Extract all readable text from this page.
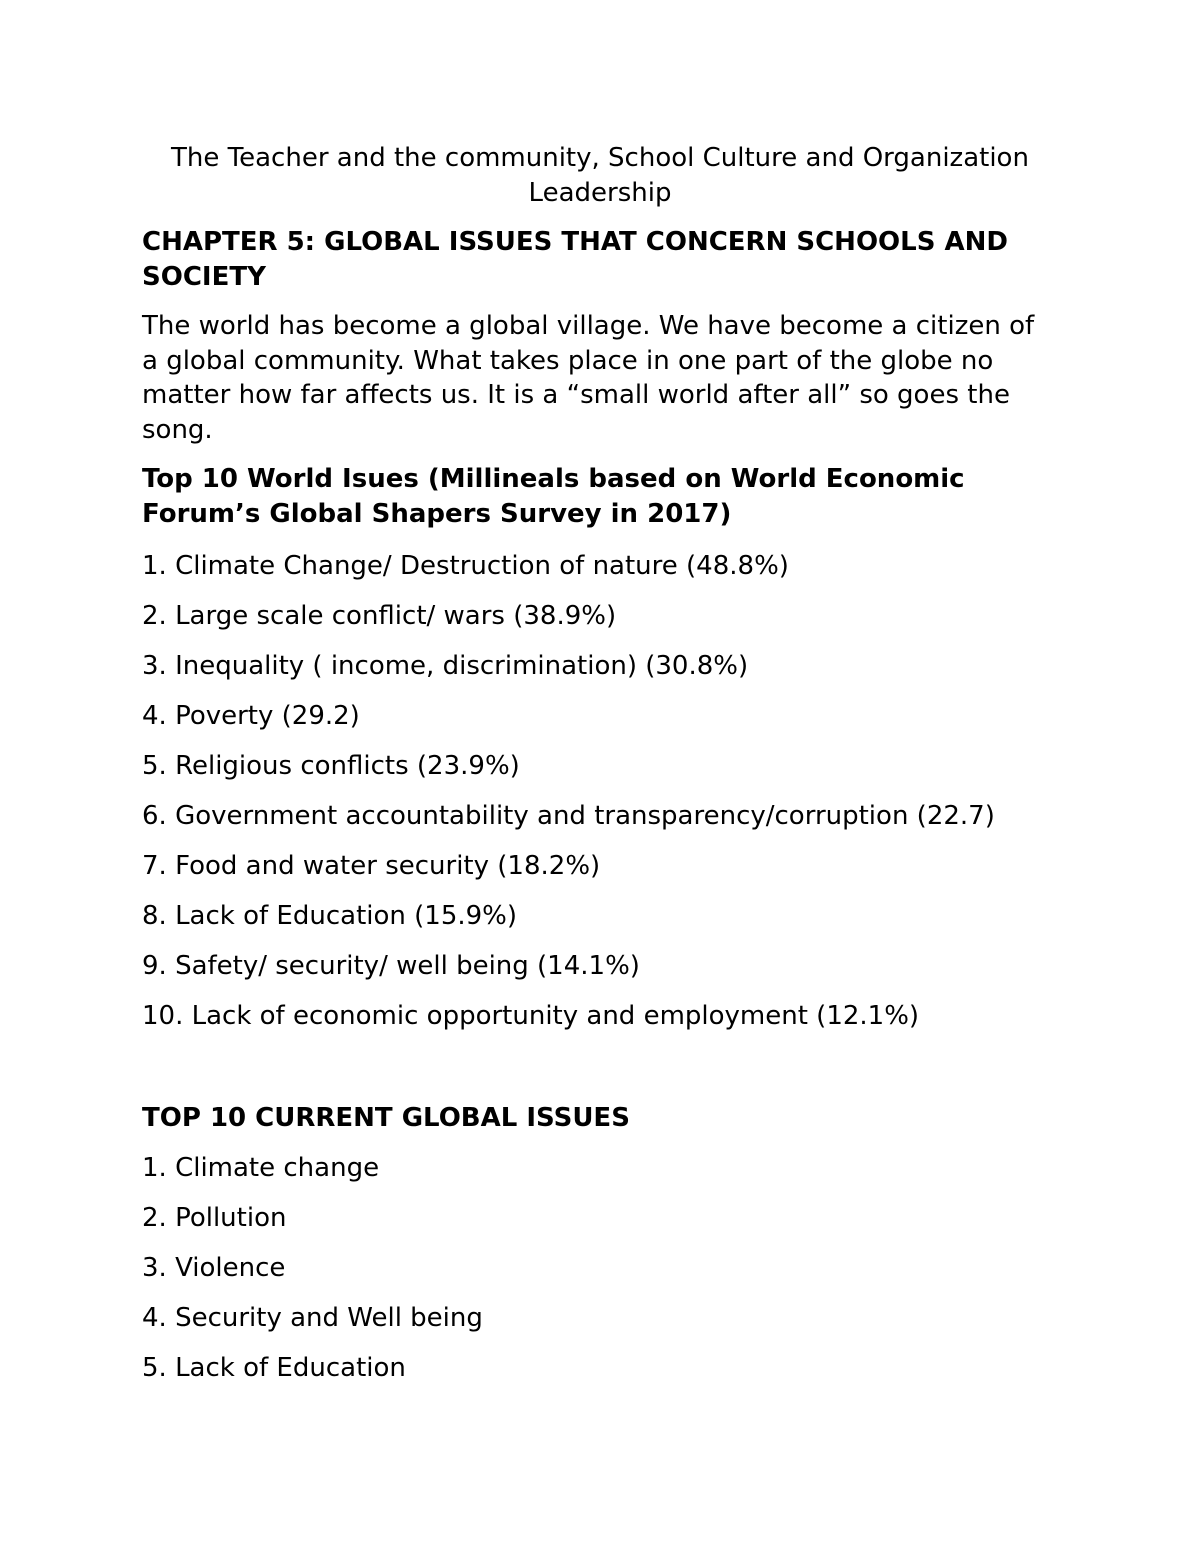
The Teacher and the community, School Culture and Organization
Leadership

CHAPTER 5: GLOBAL ISSUES THAT CONCERN SCHOOLS AND SOCIETY

The world has become a global village. We have become a citizen of a global community. What takes place in one part of the globe no matter how far affects us. It is a “small world after all” so goes the song.

Top 10 World Isues (Millineals based on World Economic Forum’s Global Shapers Survey in 2017)

1. Climate Change/ Destruction of nature (48.8%)
2. Large scale conflict/ wars (38.9%)
3. Inequality ( income, discrimination) (30.8%)
4. Poverty (29.2)
5. Religious conflicts (23.9%)
6. Government accountability and transparency/corruption (22.7)
7. Food and water security (18.2%)
8. Lack of Education (15.9%)
9. Safety/ security/ well being (14.1%)
10. Lack of economic opportunity and employment (12.1%)

TOP 10 CURRENT GLOBAL ISSUES

1. Climate change
2. Pollution
3. Violence
4. Security and Well being
5. Lack of Education
